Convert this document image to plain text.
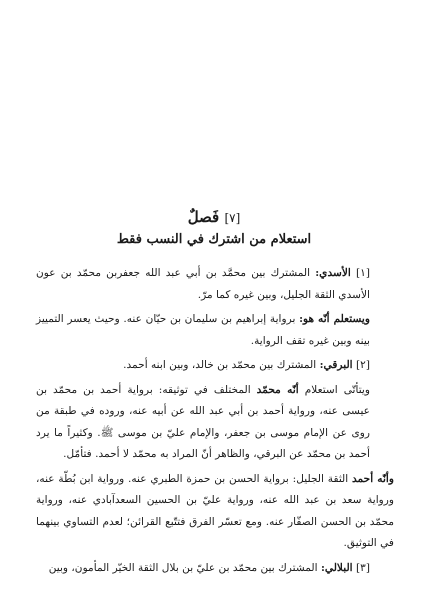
[٧] فَصلٌ
استعلام من اشترك في النسب فقط

[١] الأسدي: المشترك بين محمَّد بن أبي عبد الله جعفربن محمّد بن عون الأسدي الثقة الجليل، وبين غيره كما مرّ.

ويستعلم أنّه هو: برواية إبراهيم بن سليمان بن حيّان عنه. وحيث يعسر التمييز بينه وبين غيره تقف الرواية.

[٢] البرقي: المشترك بين محمّد بن خالد، وبين ابنه أحمد.

ويتأتّى استعلام أنّه محمّد المختلف في توثيقه: برواية أحمد بن محمّد بن عيسى عنه، ورواية أحمد بن أبي عبد الله عن أبيه عنه، وروده في طبقة من روى عن الإمام موسى بن جعفر، والإمام عليّ بن موسى ﷺ. وكثيراً ما يرد أحمد بن محمّد عن البرقي، والظاهر أنّ المراد به محمّد لا أحمد. فتأمّل.

وأنّه أحمد الثقة الجليل: برواية الحسن بن حمزة الطبري عنه. ورواية ابن بُطّة عنه، ورواية سعد بن عبد الله عنه، ورواية عليّ بن الحسين السعدآبادي عنه، ورواية محمّد بن الحسن الصفّار عنه. ومع تعسّر الفرق فتتّبع القرائن؛ لعدم التساوي بينهما في التوثيق.

[٣] البلالي: المشترك بين محمّد بن عليّ بن بلال الثقة الخيّر المأمون، وبين
